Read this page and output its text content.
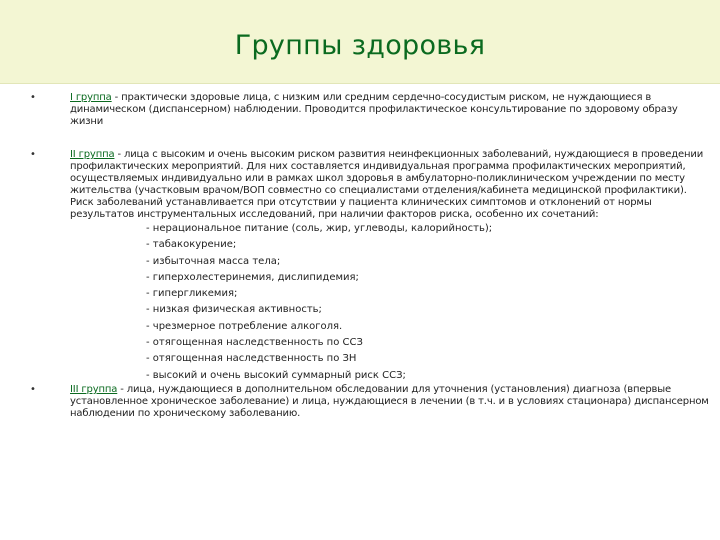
Группы здоровья
•	I группа - практически здоровые лица, с низким или средним сердечно-сосудистым риском, не нуждающиеся в динамическом (диспансерном) наблюдении. Проводится профилактическое консультирование по здоровому образу жизни

•	II группа - лица с высоким и очень высоким риском развития неинфекционных заболеваний, нуждающиеся в проведении профилактических мероприятий. Для них составляется индивидуальная программа профилактических мероприятий, осуществляемых индивидуально или в рамках школ здоровья в амбулаторно-поликлиническом учреждении по месту жительства (участковым врачом/ВОП совместно со специалистами отделения/кабинета медицинской профилактики). Риск заболеваний устанавливается при отсутствии у пациента клинических симптомов и отклонений от нормы результатов инструментальных исследований, при наличии факторов риска, особенно их сочетаний:

- нерациональное питание (соль, жир, углеводы, калорийность);
- табакокурение;
- избыточная масса тела;
- гиперхолестеринемия, дислипидемия;
- гипергликемия;
- низкая физическая активность;
- чрезмерное потребление алкоголя.
- отягощенная наследственность по ССЗ
- отягощенная наследственность по ЗН
- высокий и очень высокий суммарный риск ССЗ;
•	III группа - лица, нуждающиеся в дополнительном обследовании для уточнения (установления) диагноза (впервые установленное хроническое заболевание) и лица, нуждающиеся в лечении (в т.ч. и в условиях стационара) диспансерном наблюдении по хроническому заболеванию.
